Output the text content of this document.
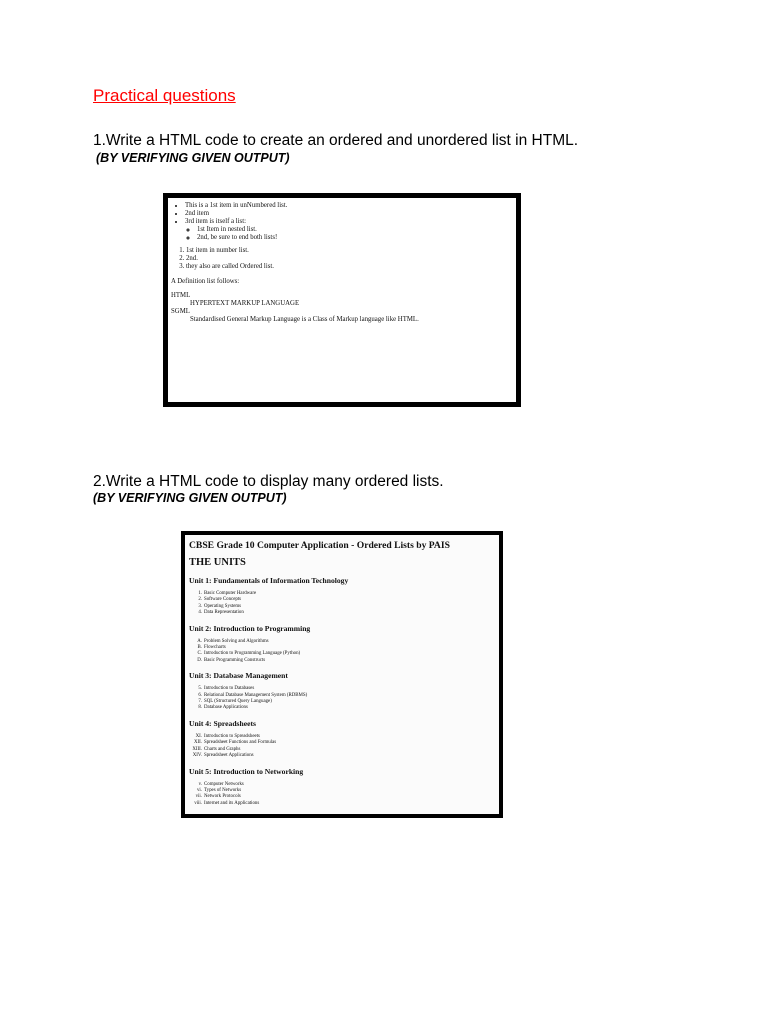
Practical questions

1.Write a HTML code to create an ordered and unordered list in HTML.

(BY VERIFYING GIVEN OUTPUT)
• This is a 1st item in unNumbered list.
• 2nd item
• 3rd item is itself a list:
◦ 1st Item in nested list.
◦ 2nd, be sure to end both lists!
1. 1st item in number list.
2. 2nd.
3. they also are called Ordered list.
A Definition list follows:
HTML
HYPERTEXT MARKUP LANGUAGE
SGML
Standardised General Markup Language is a Class of Markup language like HTML.

2.Write a HTML code to display many ordered lists.

(BY VERIFYING GIVEN OUTPUT)
CBSE Grade 10 Computer Application - Ordered Lists by PAIS
THE UNITS
Unit 1: Fundamentals of Information Technology
1. Basic Computer Hardware
2. Software Concepts
3. Operating Systems
4. Data Representation
Unit 2: Introduction to Programming
A. Problem Solving and Algorithms
B. Flowcharts
C. Introduction to Programming Language (Python)
D. Basic Programming Constructs
Unit 3: Database Management
5. Introduction to Databases
6. Relational Database Management System (RDBMS)
7. SQL (Structured Query Language)
8. Database Applications
Unit 4: Spreadsheets
XI. Introduction to Spreadsheets
XII. Spreadsheet Functions and Formulas
XIII. Charts and Graphs
XIV. Spreadsheet Applications
Unit 5: Introduction to Networking
v. Computer Networks
vi. Types of Networks
vii. Network Protocols
viii. Internet and its Applications
